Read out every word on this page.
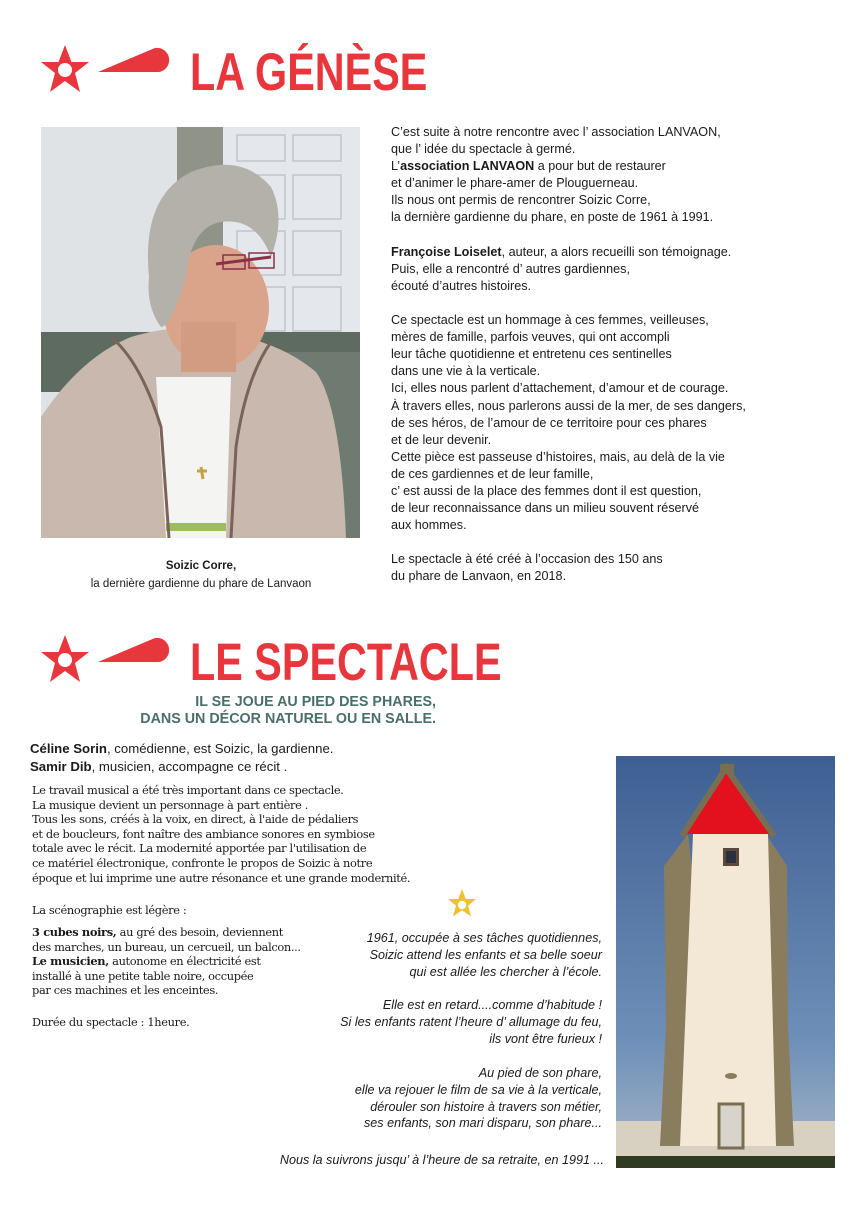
LA GÉNÈSE
Soizic Corre,
la dernière gardienne du phare de Lanvaon
C’est suite à notre rencontre avec l’ association LANVAON,
que l’ idée du spectacle à germé.
L’association LANVAON a pour but de restaurer
et d’animer le phare-amer de Plouguerneau.
Ils nous ont permis de rencontrer Soizic Corre,
la dernière gardienne du phare, en poste de 1961 à 1991.
Françoise Loiselet, auteur, a alors recueilli son témoignage.
Puis, elle a rencontré d’ autres gardiennes,
écouté d’autres histoires.
Ce spectacle est un hommage à ces femmes, veilleuses,
mères de famille, parfois veuves, qui ont accompli
leur tâche quotidienne et entretenu ces sentinelles
dans une vie à la verticale.
Ici, elles nous parlent d’attachement, d’amour et de courage.
À travers elles, nous parlerons aussi de la mer, de ses dangers,
de ses héros, de l’amour de ce territoire pour ces phares
et de leur devenir.
Cette pièce est passeuse d’histoires, mais, au delà de la vie
de ces gardiennes et de leur famille,
c’ est aussi de la place des femmes dont il est question,
de leur reconnaissance dans un milieu souvent réservé
aux hommes.
Le spectacle à été créé à l’occasion des 150 ans
du phare de Lanvaon, en 2018.
LE SPECTACLE
IL SE JOUE AU PIED DES PHARES,
DANS UN DÉCOR NATUREL OU EN SALLE.
Céline Sorin, comédienne, est Soizic, la gardienne.
Samir Dib, musicien, accompagne ce récit .
Le travail musical a été très important dans ce spectacle.
La musique devient un personnage à part entière .
Tous les sons, créés à la voix, en direct, à l'aide de pédaliers
et de boucleurs, font naître des ambiance sonores en symbiose
totale avec le récit. La modernité apportée par l'utilisation de
ce matériel électronique, confronte le propos de Soizic à notre
époque et lui imprime une autre résonance et une grande modernité.
La scénographie est légère :
3 cubes noirs, au gré des besoin, deviennent
des marches, un bureau, un cercueil, un balcon...
Le musicien, autonome en électricité est
installé à une petite table noire, occupée
par ces machines et les enceintes.
Durée du spectacle : 1heure.
1961, occupée à ses tâches quotidiennes,
Soizic attend les enfants et sa belle soeur
qui est allée les chercher à l’école.
Elle est en retard....comme d’habitude !
Si les enfants ratent l’heure d’ allumage du feu,
ils vont être furieux !
Au pied de son phare,
elle va rejouer le film de sa vie à la verticale,
dérouler son histoire à travers son métier,
ses enfants, son mari disparu, son phare...
Nous la suivrons jusqu’ à l’heure de sa retraite, en 1991 ...
